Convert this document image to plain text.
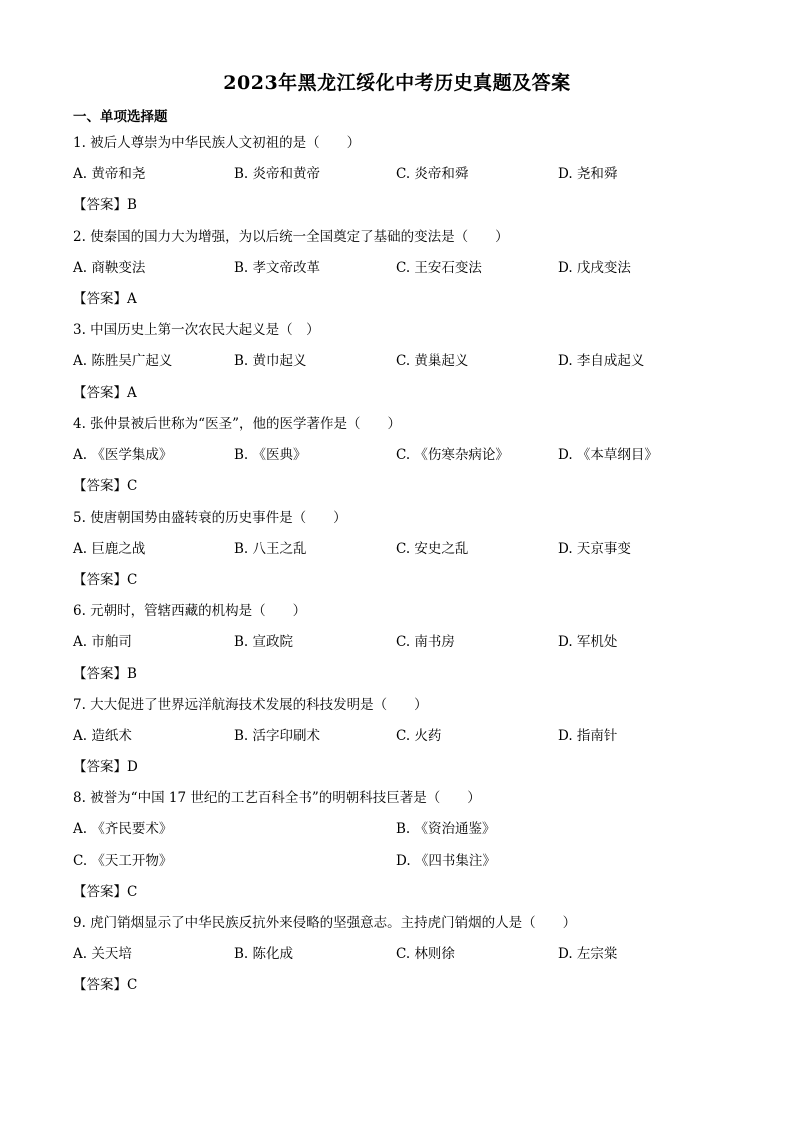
2023年黑龙江绥化中考历史真题及答案
一、单项选择题
1. 被后人尊崇为中华民族人文初祖的是（　　）
A. 黄帝和尧	B. 炎帝和黄帝	C. 炎帝和舜	D. 尧和舜
【答案】B
2. 使秦国的国力大为增强，为以后统一全国奠定了基础的变法是（　　）
A. 商鞅变法	B. 孝文帝改革	C. 王安石变法	D. 戊戌变法
【答案】A
3. 中国历史上第一次农民大起义是（　）
A. 陈胜吴广起义	B. 黄巾起义	C. 黄巢起义	D. 李自成起义
【答案】A
4. 张仲景被后世称为“医圣”，他的医学著作是（　　）
A. 《医学集成》	B. 《医典》	C. 《伤寒杂病论》	D. 《本草纲目》
【答案】C
5. 使唐朝国势由盛转衰的历史事件是（　　）
A. 巨鹿之战	B. 八王之乱	C. 安史之乱	D. 天京事变
【答案】C
6. 元朝时，管辖西藏的机构是（　　）
A. 市舶司	B. 宣政院	C. 南书房	D. 军机处
【答案】B
7. 大大促进了世界远洋航海技术发展的科技发明是（　　）
A. 造纸术	B. 活字印刷术	C. 火药	D. 指南针
【答案】D
8. 被誉为“中国 17 世纪的工艺百科全书”的明朝科技巨著是（　　）
A. 《齐民要术》	B. 《资治通鉴》
C. 《天工开物》	D. 《四书集注》
【答案】C
9. 虎门销烟显示了中华民族反抗外来侵略的坚强意志。主持虎门销烟的人是（　　）
A. 关天培	B. 陈化成	C. 林则徐	D. 左宗棠
【答案】C
